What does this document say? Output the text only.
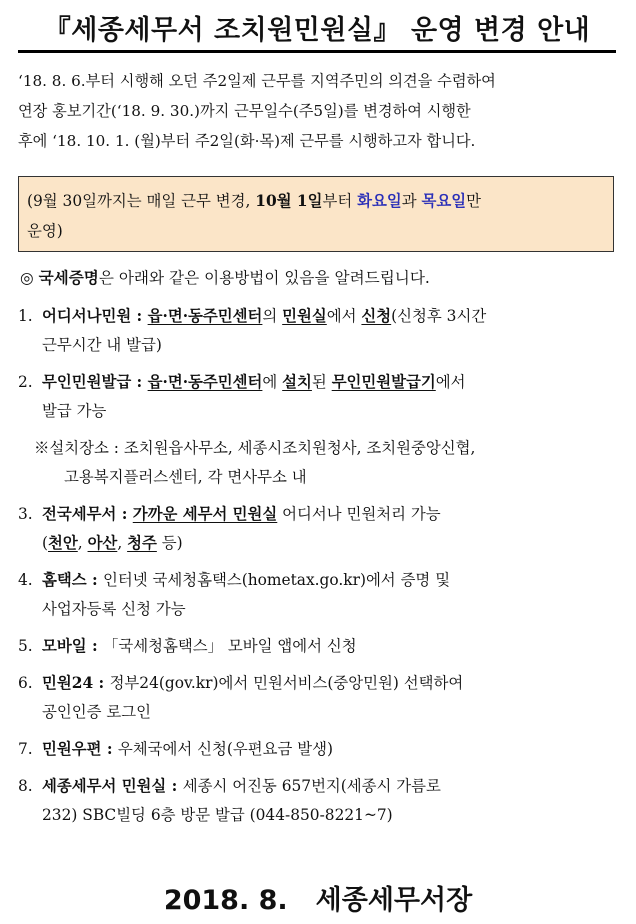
『세종세무서 조치원민원실』 운영 변경 안내

‘18. 8. 6.부터 시행해 오던 주2일제 근무를 지역주민의 의견을 수렴하여

연장 홍보기간(‘18. 9. 30.)까지 근무일수(주5일)를 변경하여 시행한

후에 ‘18. 10. 1. (월)부터 주2일(화·목)제 근무를 시행하고자 합니다.

(9월 30일까지는 매일 근무 변경, 10월 1일부터 화요일과 목요일만

운영)

◎ 국세증명은 아래와 같은 이용방법이 있음을 알려드립니다.
1. 어디서나민원 : 읍·면·동주민센터의 민원실에서 신청(신청후 3시간
근무시간 내 발급)
2. 무인민원발급 : 읍·면·동주민센터에 설치된 무인민원발급기에서
발급 가능
※설치장소 : 조치원읍사무소, 세종시조치원청사, 조치원중앙신협,
고용복지플러스센터, 각 면사무소 내
3. 전국세무서 : 가까운 세무서 민원실 어디서나 민원처리 가능
(천안, 아산, 청주 등)
4. 홈택스 : 인터넷 국세청홈택스(hometax.go.kr)에서 증명 및
사업자등록 신청 가능
5. 모바일 : 「국세청홈택스」 모바일 앱에서 신청
6. 민원24 : 정부24(gov.kr)에서 민원서비스(중앙민원) 선택하여
공인인증 로그인
7. 민원우편 : 우체국에서 신청(우편요금 발생)
8. 세종세무서 민원실 : 세종시 어진동 657번지(세종시 가름로
232) SBC빌딩 6층 방문 발급 (044-850-8221~7)
2018. 8. 세종세무서장
